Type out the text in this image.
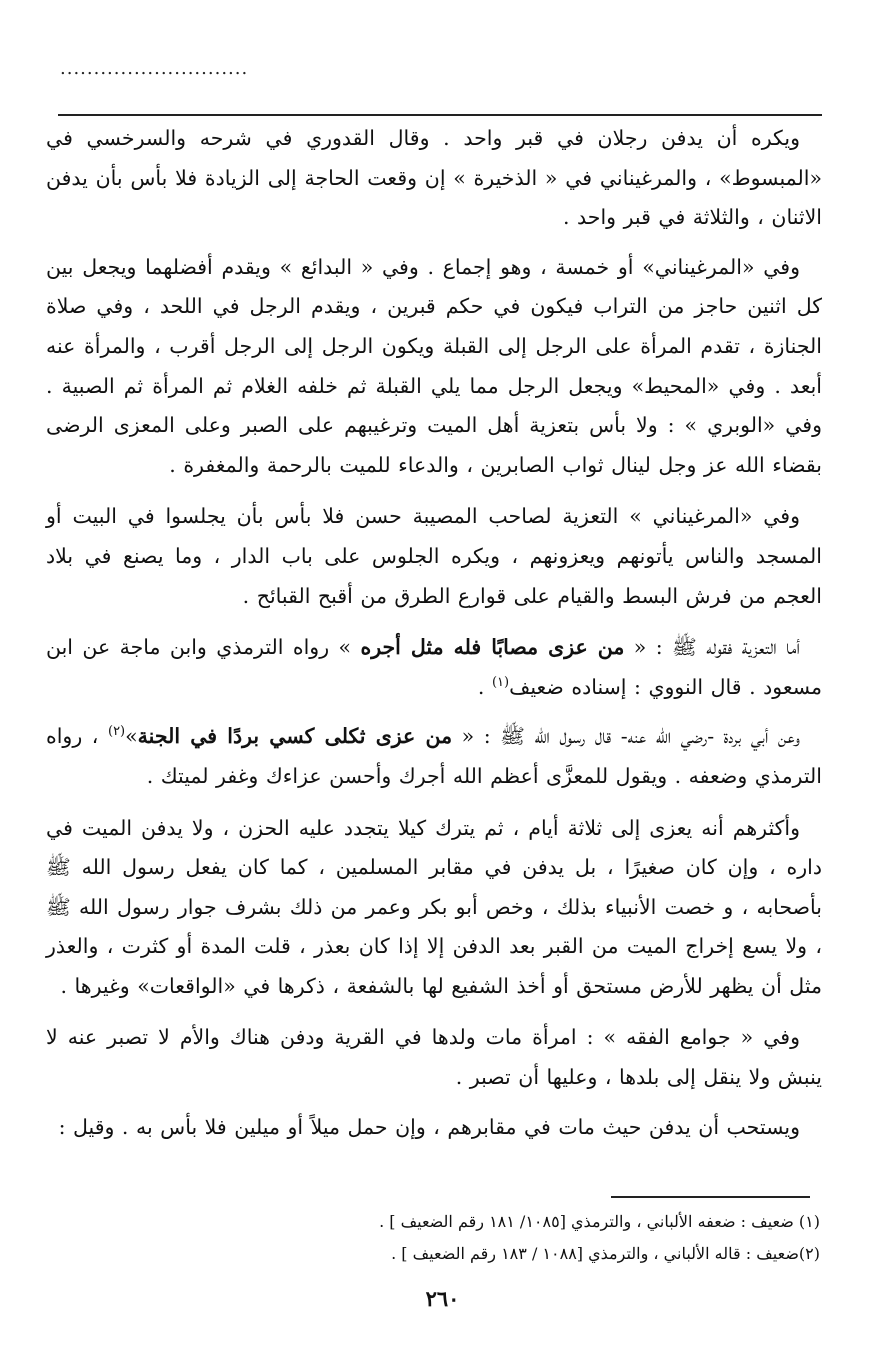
............................

ويكره أن يدفن رجلان في قبر واحد . وقال القدوري في شرحه والسرخسي في «المبسوط» ، والمرغيناني في « الذخيرة » إن وقعت الحاجة إلى الزيادة فلا بأس بأن يدفن الاثنان ، والثلاثة في قبر واحد .

وفي «المرغيناني» أو خمسة ، وهو إجماع . وفي « البدائع » ويقدم أفضلهما ويجعل بين كل اثنين حاجز من التراب فيكون في حكم قبرين ، ويقدم الرجل في اللحد ، وفي صلاة الجنازة ، تقدم المرأة على الرجل إلى القبلة ويكون الرجل إلى الرجل أقرب ، والمرأة عنه أبعد . وفي «المحيط» ويجعل الرجل مما يلي القبلة ثم خلفه الغلام ثم المرأة ثم الصبية . وفي «الوبري » : ولا بأس بتعزية أهل الميت وترغيبهم على الصبر وعلى المعزى الرضى بقضاء الله عز وجل لينال ثواب الصابرين ، والدعاء للميت بالرحمة والمغفرة .

وفي «المرغيناني » التعزية لصاحب المصيبة حسن فلا بأس بأن يجلسوا في البيت أو المسجد والناس يأتونهم ويعزونهم ، ويكره الجلوس على باب الدار ، وما يصنع في بلاد العجم من فرش البسط والقيام على قوارع الطرق من أقبح القبائح .

أما التعزية فقوله ﷺ : « من عزى مصابًا فله مثل أجره » رواه الترمذي وابن ماجة عن ابن مسعود . قال النووي : إسناده ضعيف$^{(١)}$ .

وعن أبي بردة -رضي الله عنه- قال رسول الله ﷺ : « من عزى ثكلى كسي بردًا في الجنة»$^{(٢)}$ ، رواه الترمذي وضعفه . ويقول للمعزَّى أعظم الله أجرك وأحسن عزاءك وغفر لميتك .

وأكثرهم أنه يعزى إلى ثلاثة أيام ، ثم يترك كيلا يتجدد عليه الحزن ، ولا يدفن الميت في داره ، وإن كان صغيرًا ، بل يدفن في مقابر المسلمين ، كما كان يفعل رسول الله ﷺ بأصحابه ، و خصت الأنبياء بذلك ، وخص أبو بكر وعمر من ذلك بشرف جوار رسول الله ﷺ ، ولا يسع إخراج الميت من القبر بعد الدفن إلا إذا كان بعذر ، قلت المدة أو كثرت ، والعذر مثل أن يظهر للأرض مستحق أو أخذ الشفيع لها بالشفعة ، ذكرها في «الواقعات» وغيرها .

وفي « جوامع الفقه » : امرأة مات ولدها في القرية ودفن هناك والأم لا تصبر عنه لا ينبش ولا ينقل إلى بلدها ، وعليها أن تصبر .

ويستحب أن يدفن حيث مات في مقابرهم ، وإن حمل ميلاً أو ميلين فلا بأس به . وقيل :

(١) ضعيف : ضعفه الألباني ، والترمذي [١٠٨٥/ ١٨١ رقم الضعيف ] .

(٢)ضعيف : قاله الألباني ، والترمذي [١٠٨٨ / ١٨٣ رقم الضعيف ] .

٢٦٠
